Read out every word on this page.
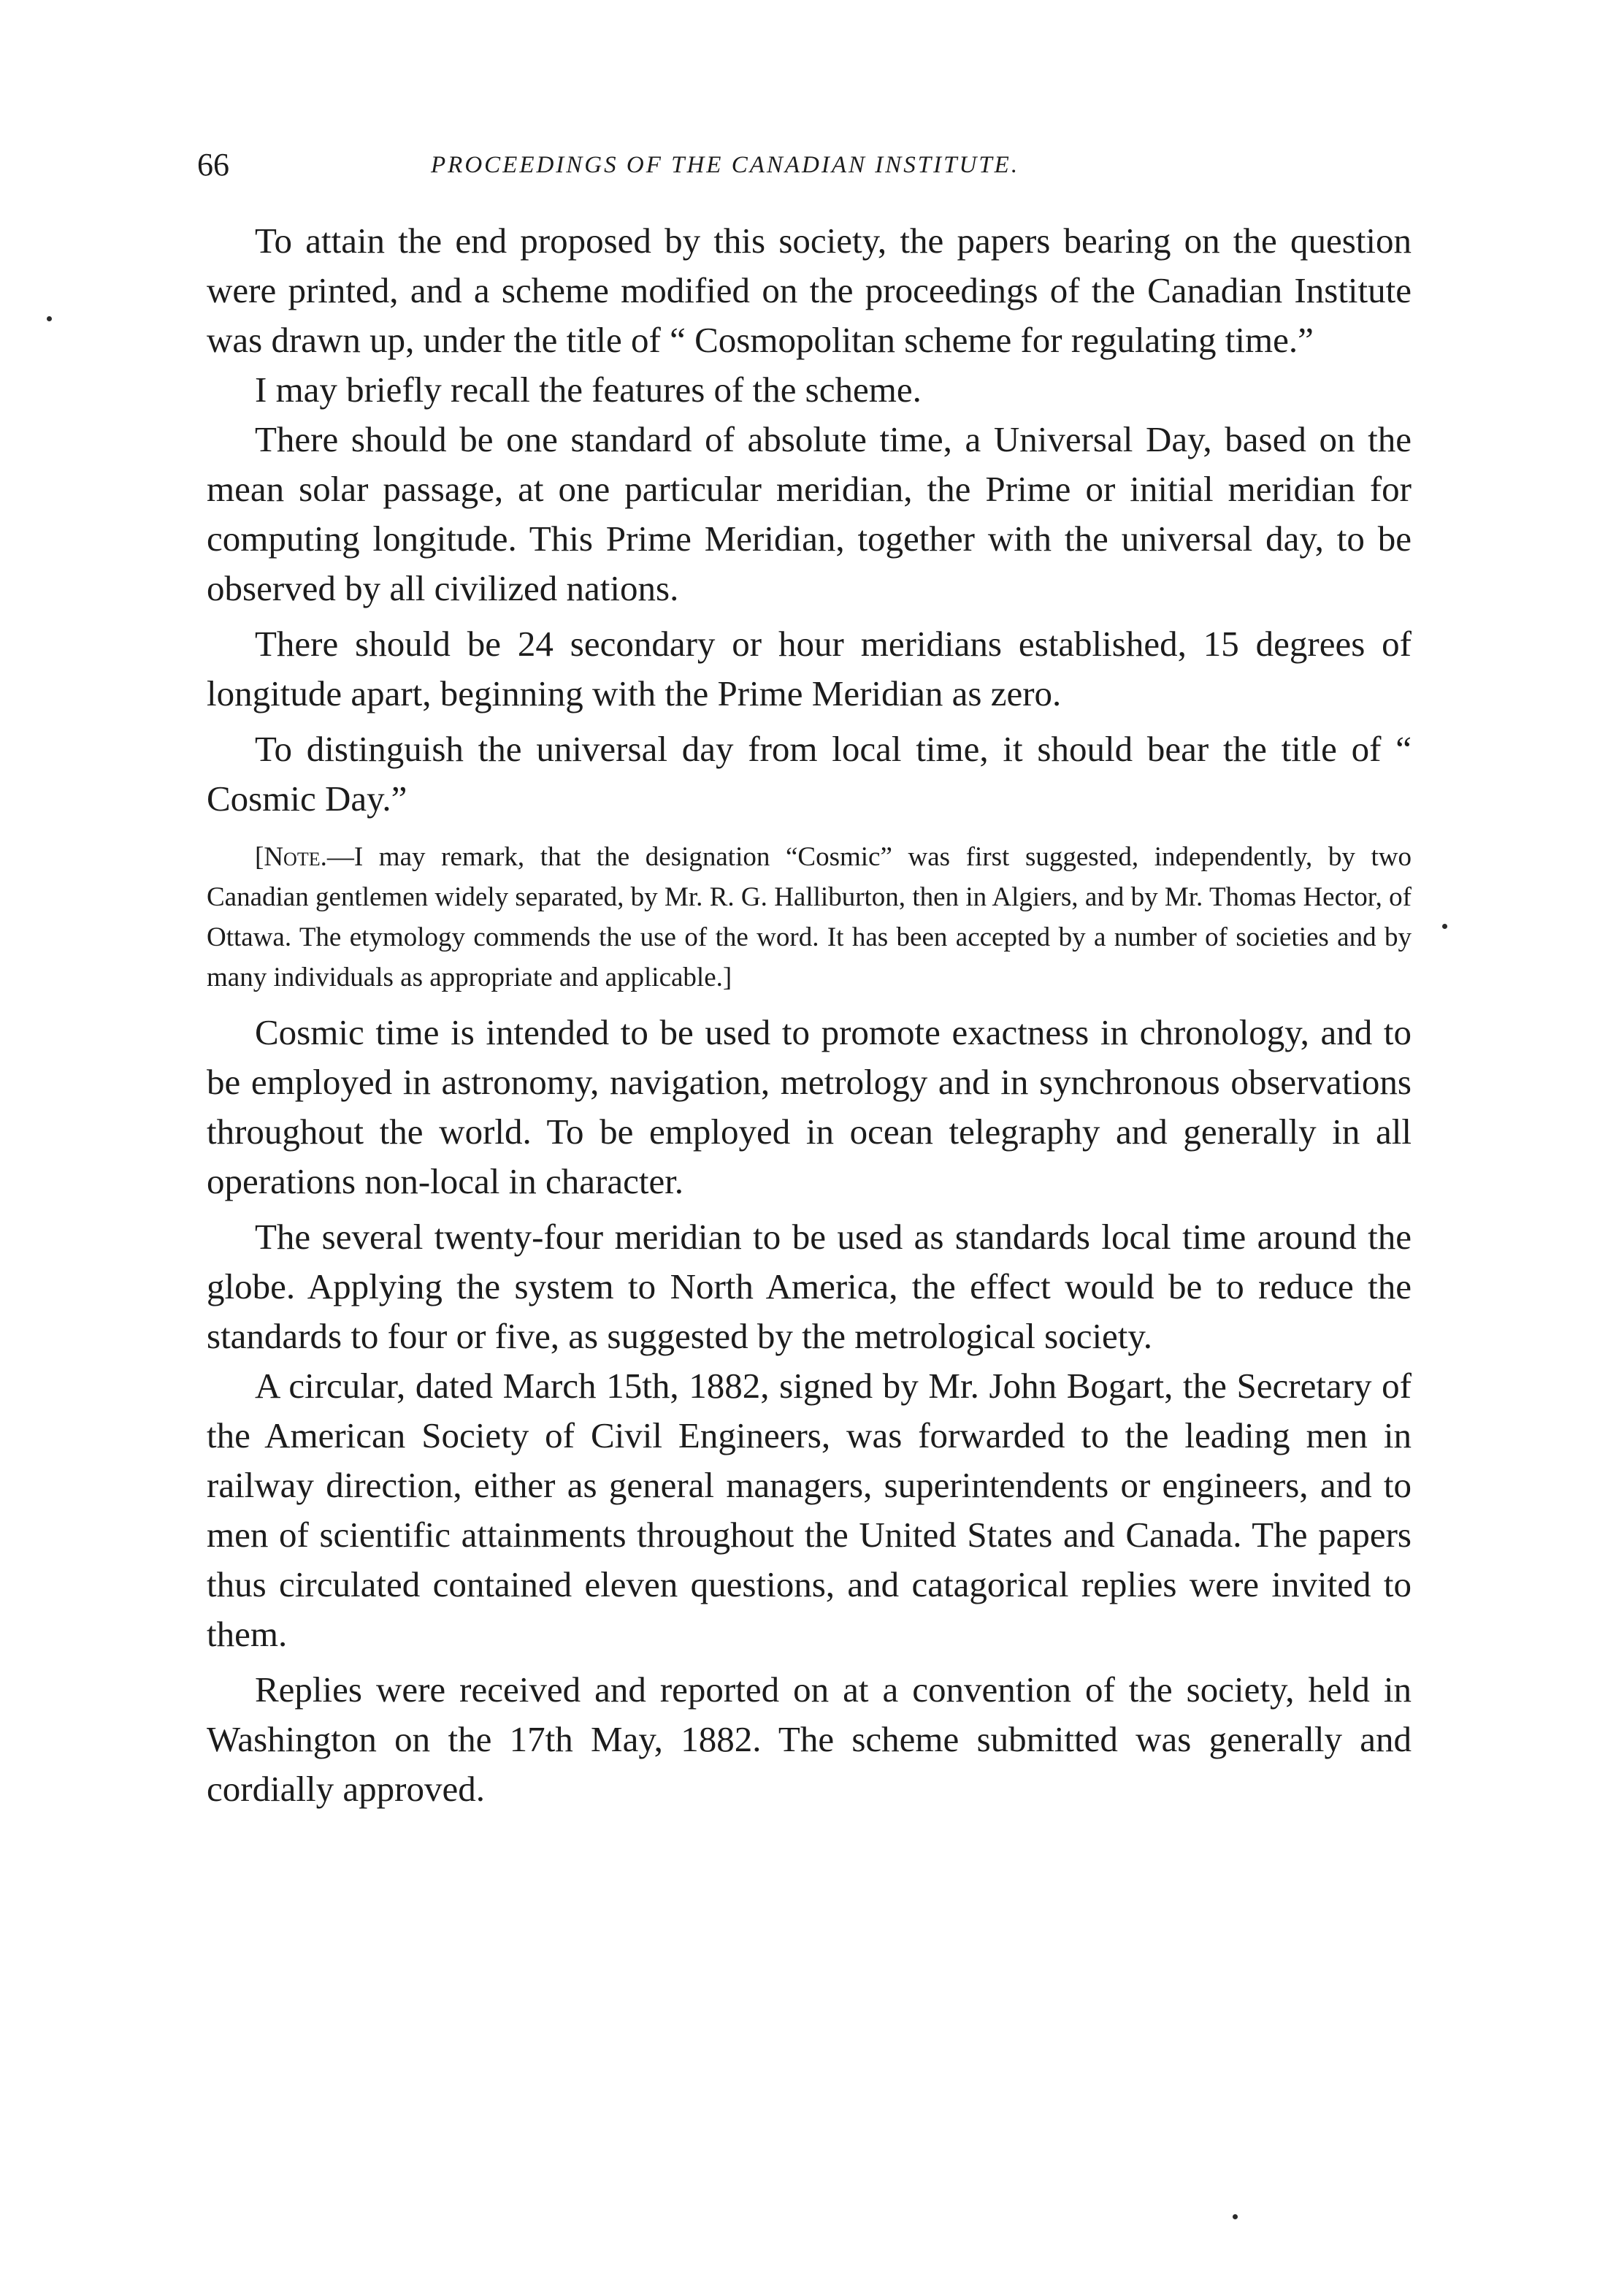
66	PROCEEDINGS OF THE CANADIAN INSTITUTE.

To attain the end proposed by this society, the papers bearing on the question were printed, and a scheme modified on the proceedings of the Canadian Institute was drawn up, under the title of “ Cosmopolitan scheme for regulating time.”

I may briefly recall the features of the scheme.

There should be one standard of absolute time, a Universal Day, based on the mean solar passage, at one particular meridian, the Prime or initial meridian for computing longitude. This Prime Meridian, together with the universal day, to be observed by all civilized nations.

There should be 24 secondary or hour meridians established, 15 degrees of longitude apart, beginning with the Prime Meridian as zero.

To distinguish the universal day from local time, it should bear the title of “ Cosmic Day.”

[Note.—I may remark, that the designation “Cosmic” was first suggested, independently, by two Canadian gentlemen widely separated, by Mr. R. G. Halliburton, then in Algiers, and by Mr. Thomas Hector, of Ottawa. The etymology commends the use of the word. It has been accepted by a number of societies and by many individuals as appropriate and applicable.]

Cosmic time is intended to be used to promote exactness in chronology, and to be employed in astronomy, navigation, metrology and in synchronous observations throughout the world. To be employed in ocean telegraphy and generally in all operations non-local in character.

The several twenty-four meridian to be used as standards local time around the globe. Applying the system to North America, the effect would be to reduce the standards to four or five, as suggested by the metrological society.

A circular, dated March 15th, 1882, signed by Mr. John Bogart, the Secretary of the American Society of Civil Engineers, was forwarded to the leading men in railway direction, either as general managers, superintendents or engineers, and to men of scientific attainments throughout the United States and Canada. The papers thus circulated contained eleven questions, and catagorical replies were invited to them.

Replies were received and reported on at a convention of the society, held in Washington on the 17th May, 1882. The scheme submitted was generally and cordially approved.
